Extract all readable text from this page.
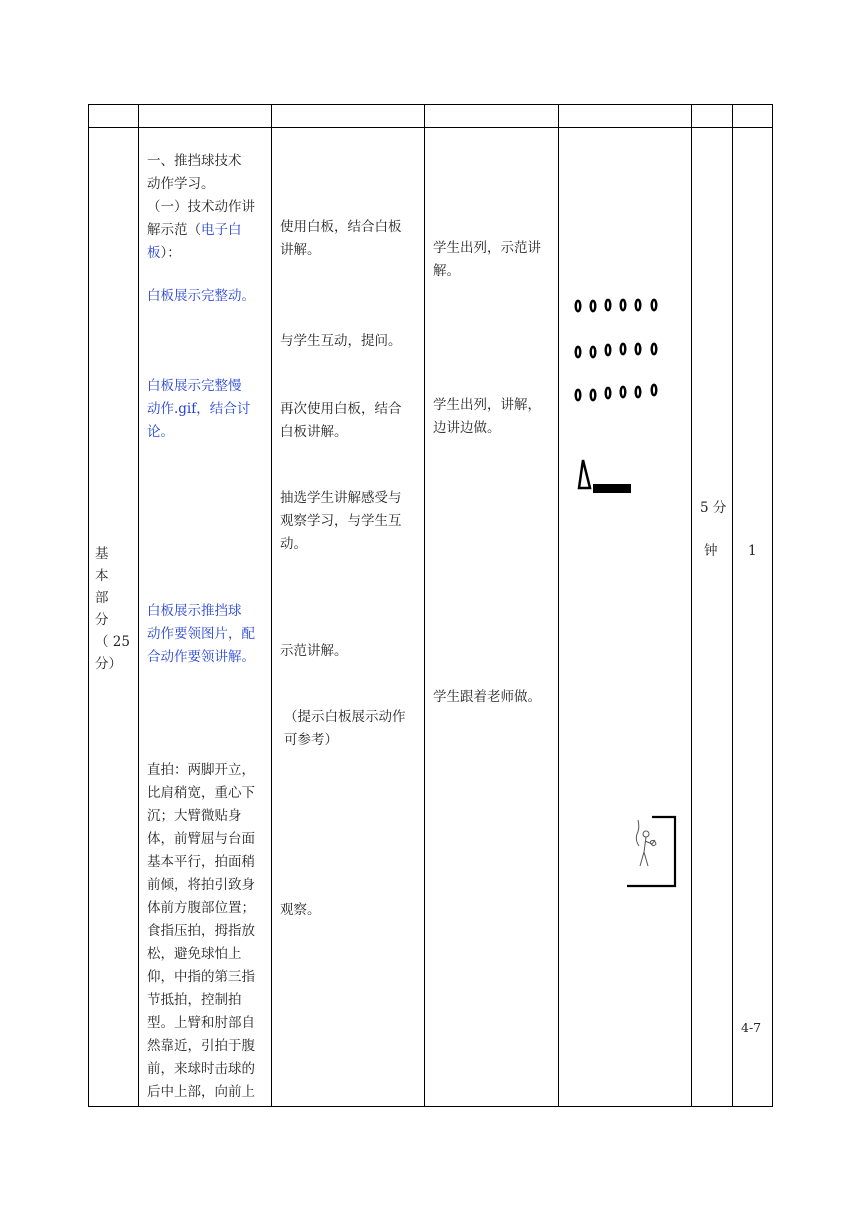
基
本
部
分
（ 25
分）
一、推挡球技术
动作学习。
（一）技术动作讲
解示范（电子白
板）：
白板展示完整动。
白板展示完整慢
动作.gif，结合讨
论。
白板展示推挡球
动作要领图片，配
合动作要领讲解。
直拍：两脚开立，
比肩稍宽，重心下
沉；大臂微贴身
体，前臂屈与台面
基本平行，拍面稍
前倾，将拍引致身
体前方腹部位置；
食指压拍，拇指放
松，避免球怕上
仰，中指的第三指
节抵拍，控制拍
型。上臂和肘部自
然靠近，引拍于腹
前，来球时击球的
后中上部，向前上
使用白板，结合白板
讲解。
与学生互动，提问。
再次使用白板，结合
白板讲解。
抽选学生讲解感受与
观察学习，与学生互
动。
示范讲解。
（提示白板展示动作
可参考）
观察。
学生出列，示范讲
解。
学生出列，讲解，
边讲边做。
学生跟着老师做。
5 分
钟	1
4-7
